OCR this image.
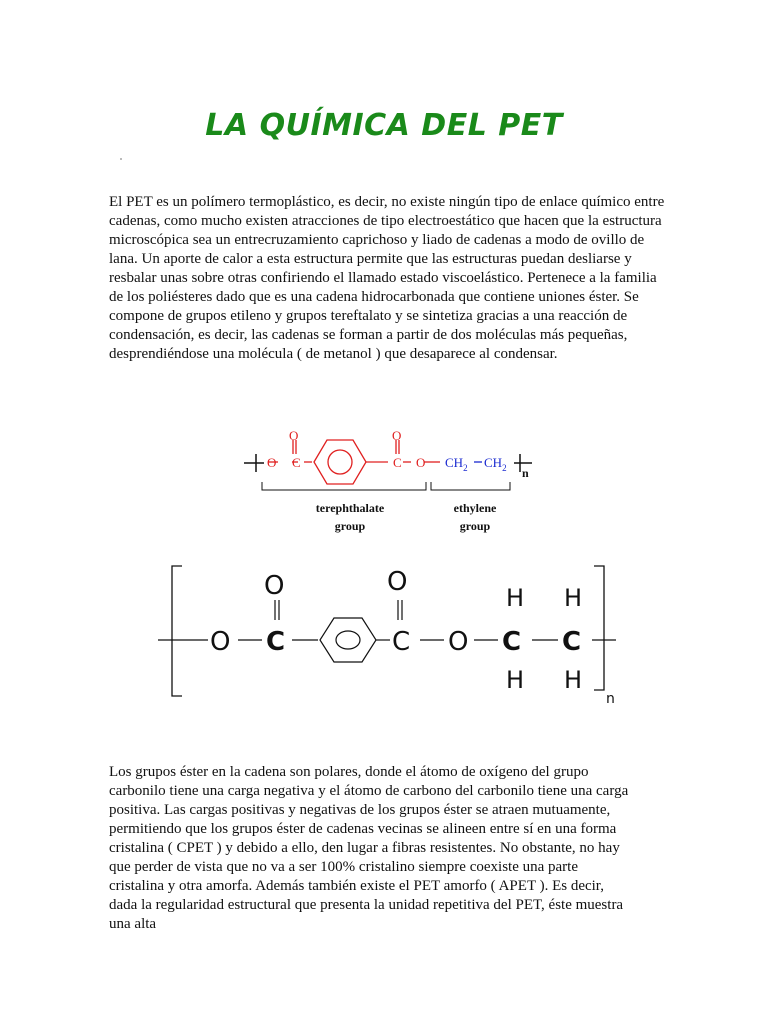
LA QUÍMICA DEL PET

El PET es un polímero termoplástico, es decir, no existe ningún tipo de enlace químico entre cadenas, como mucho existen atracciones de tipo electroestático que hacen que la estructura microscópica sea un entrecruzamiento caprichoso y liado de cadenas a modo de ovillo de lana. Un aporte de calor a esta estructura permite que las estructuras puedan desliarse y resbalar unas sobre otras confiriendo el llamado estado viscoelástico. Pertenece a la familia de los poliésteres dado que es una cadena hidrocarbonada que contiene uniones éster. Se compone de grupos etileno y grupos tereftalato y se sintetiza gracias a una reacción de condensación, es decir, las cadenas se forman a partir de dos moléculas más pequeñas, desprendiéndose una molécula ( de metanol ) que desaparece al condensar.

O C
O
C
O
O $CH_2$ $CH_2$ n
terephthalate
group
ethylene
group
O	O
O C	C O C C
H H
H H
n

Los grupos éster en la cadena son polares, donde el átomo de oxígeno del grupo carbonilo tiene una carga negativa y el átomo de carbono del carbonilo tiene una carga positiva. Las cargas positivas y negativas de los grupos éster se atraen mutuamente, permitiendo que los grupos éster de cadenas vecinas se alineen entre sí en una forma cristalina ( CPET ) y debido a ello, den lugar a fibras resistentes. No obstante, no hay que perder de vista que no va a ser 100% cristalino siempre coexiste una parte cristalina y otra amorfa. Además también existe el PET amorfo ( APET ). Es decir, dada la regularidad estructural que presenta la unidad repetitiva del PET, éste muestra una alta
